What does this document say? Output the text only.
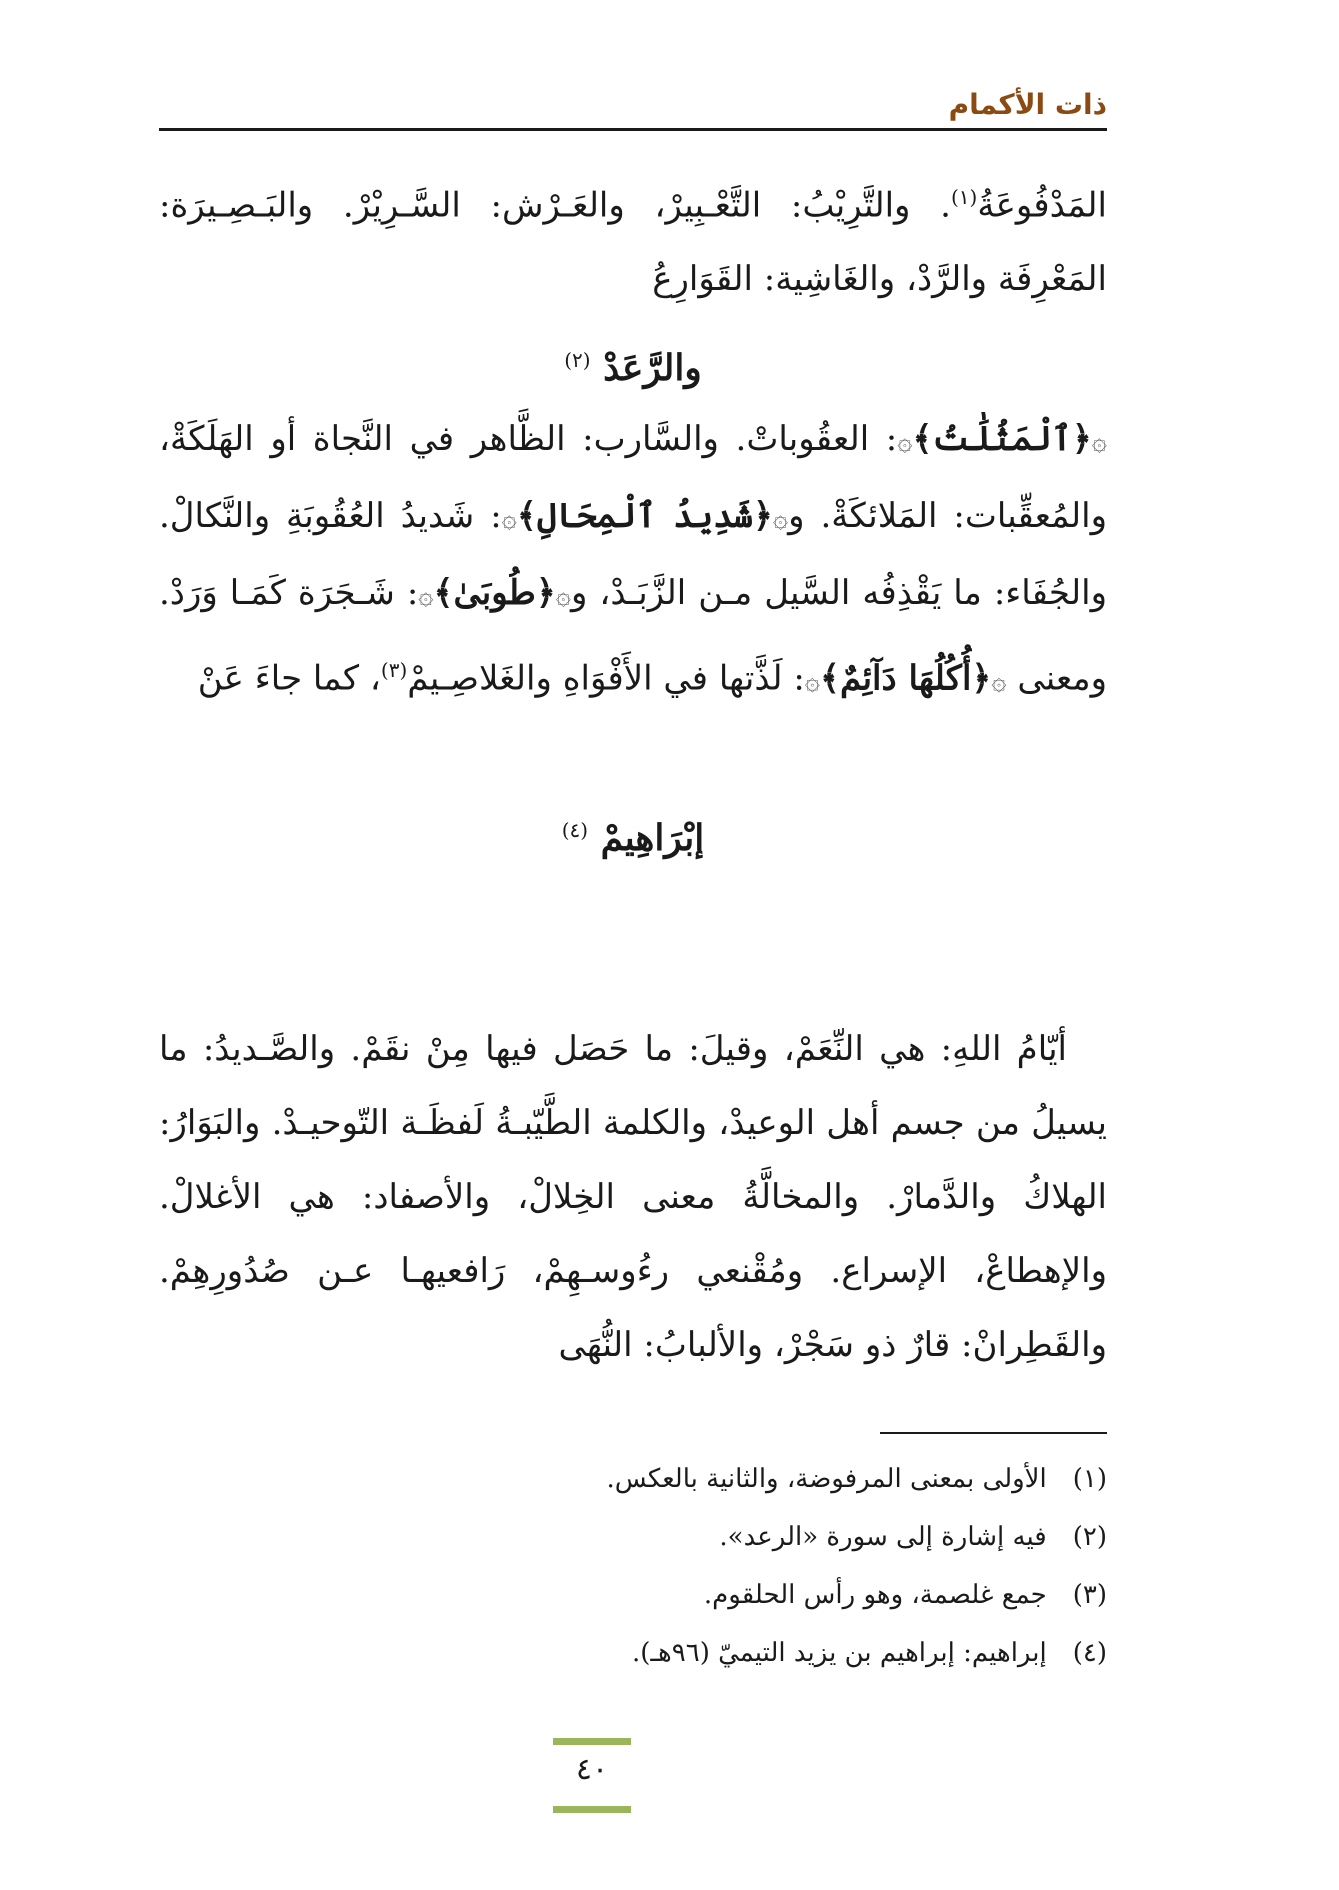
ذات الأكمام
المَدْفُوعَةُ$^{(١)}$. والتَّرِيْبُ: التَّعْـبِيرْ، والعَـرْش: السَّـرِيْرْ. والبَـصِـيرَة: المَعْرِفَة والرَّدْ، والغَاشِية: القَوَارِعُ
والرَّعَدْ $^{(٢)}$
۞﴿ٱلْمَثُلَٰتُ﴾۞: العقُوباتْ. والسَّارب: الظَّاهر في النَّجاة أو الهَلَكَةْ، والمُعقِّبات: المَلائكَةْ. و۞﴿شَدِيدُ ٱلْمِحَالِ﴾۞: شَديدُ العُقُوبَةِ والنَّكالْ. والجُفَاء: ما يَقْذِفُه السَّيل مـن الزَّبَـدْ، و۞﴿طُوبَىٰ﴾۞: شَـجَرَة كَمَـا وَرَدْ. ومعنى ۞﴿أُكُلُهَا دَآئِمٌ﴾۞: لَذَّتها في الأَفْوَاهِ والغَلاصِـيمْ$^{(٣)}$، كما جاءَ عَنْ
إبْرَاهِيمْ $^{(٤)}$
أيّامُ اللهِ: هي النِّعَمْ، وقيلَ: ما حَصَل فيها مِنْ نقَمْ. والصَّـديدُ: ما يسيلُ من جسم أهل الوعيدْ، والكلمة الطَّيّبـةُ لَفظَـة التّوحيـدْ. والبَوَارُ: الهلاكُ والدَّمارْ. والمخالَّةُ معنى الخِلالْ، والأصفاد: هي الأغلالْ. والإهطاعْ، الإسراع. ومُقْنعي رءُوسـهِمْ، رَافعيهـا عـن صُدُورِهِمْ. والقَطِرانْ: قارٌ ذو سَجْرْ، والألبابُ: النُّهَى

(١) الأولى بمعنى المرفوضة، والثانية بالعكس.

(٢) فيه إشارة إلى سورة «الرعد».

(٣) جمع غلصمة، وهو رأس الحلقوم.

(٤) إبراهيم: إبراهيم بن يزيد التيميّ (٩٦هـ).

٤٠
